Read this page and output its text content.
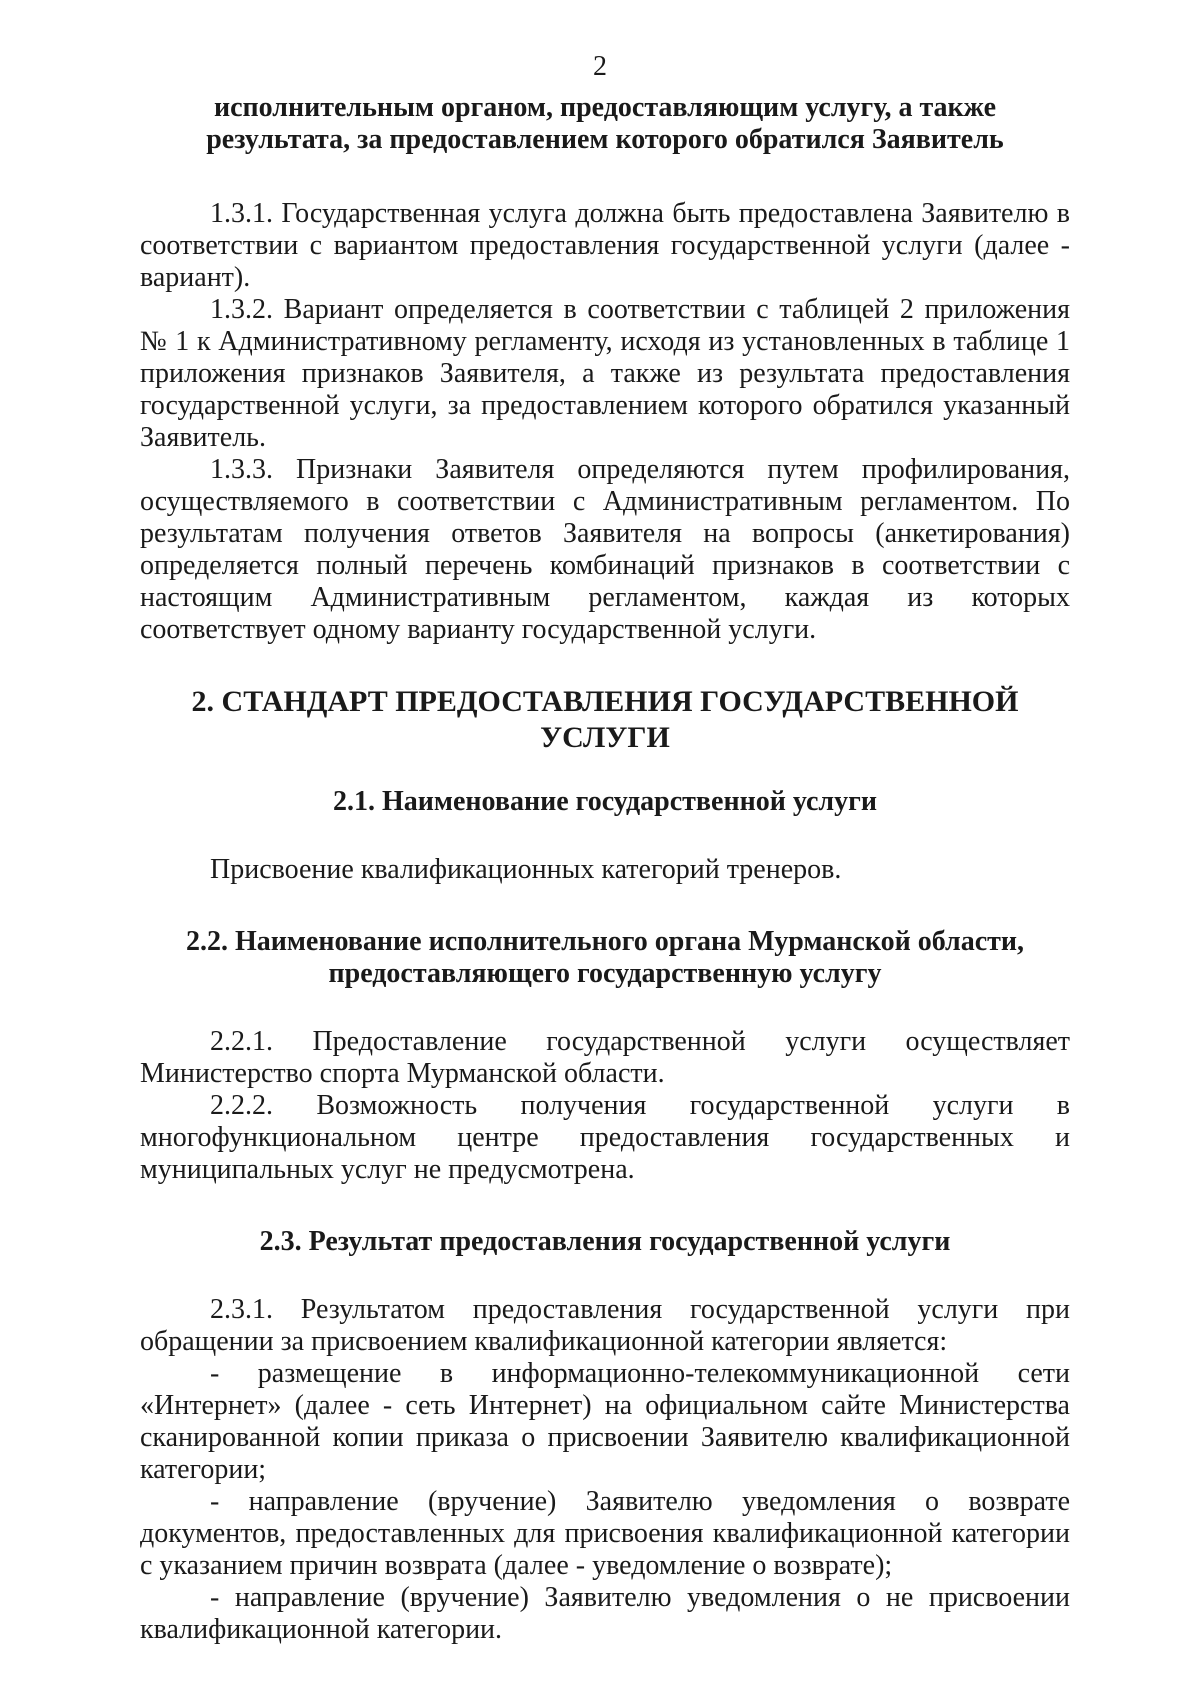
2

исполнительным органом, предоставляющим услугу, а также результата, за предоставлением которого обратился Заявитель

1.3.1. Государственная услуга должна быть предоставлена Заявителю в соответствии с вариантом предоставления государственной услуги (далее - вариант).

1.3.2. Вариант определяется в соответствии с таблицей 2 приложения № 1 к Административному регламенту, исходя из установленных в таблице 1 приложения признаков Заявителя, а также из результата предоставления государственной услуги, за предоставлением которого обратился указанный Заявитель.

1.3.3. Признаки Заявителя определяются путем профилирования, осуществляемого в соответствии с Административным регламентом. По результатам получения ответов Заявителя на вопросы (анкетирования) определяется полный перечень комбинаций признаков в соответствии с настоящим Административным регламентом, каждая из которых соответствует одному варианту государственной услуги.

2. СТАНДАРТ ПРЕДОСТАВЛЕНИЯ ГОСУДАРСТВЕННОЙ УСЛУГИ

2.1. Наименование государственной услуги

Присвоение квалификационных категорий тренеров.

2.2. Наименование исполнительного органа Мурманской области, предоставляющего государственную услугу

2.2.1. Предоставление государственной услуги осуществляет Министерство спорта Мурманской области.

2.2.2. Возможность получения государственной услуги в многофункциональном центре предоставления государственных и муниципальных услуг не предусмотрена.

2.3. Результат предоставления государственной услуги

2.3.1. Результатом предоставления государственной услуги при обращении за присвоением квалификационной категории является:

- размещение в информационно-телекоммуникационной сети «Интернет» (далее - сеть Интернет) на официальном сайте Министерства сканированной копии приказа о присвоении Заявителю квалификационной категории;

- направление (вручение) Заявителю уведомления о возврате документов, предоставленных для присвоения квалификационной категории с указанием причин возврата (далее - уведомление о возврате);

- направление (вручение) Заявителю уведомления о не присвоении квалификационной категории.
